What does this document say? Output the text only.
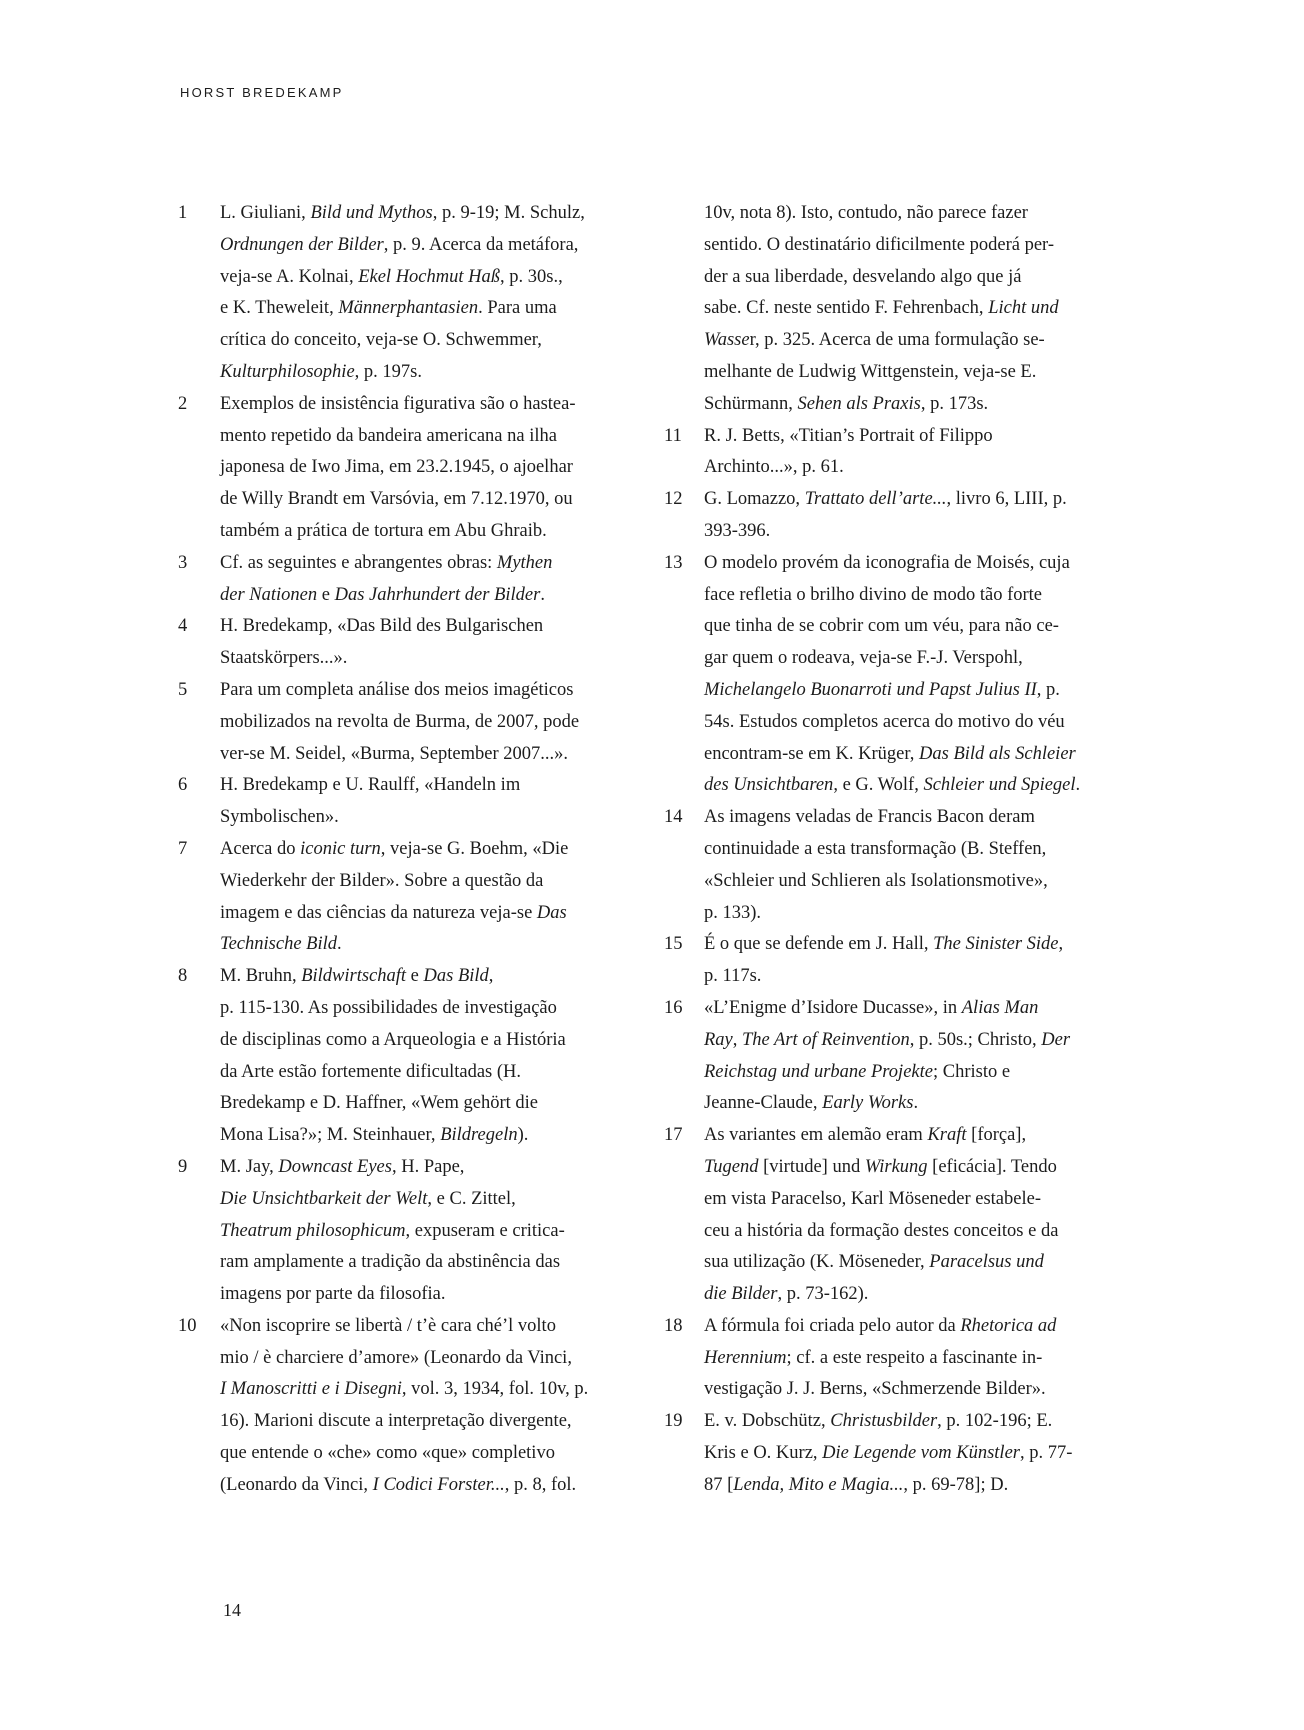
HORST BREDEKAMP
1	L. Giuliani, Bild und Mythos, p. 9-19; M. Schulz,
Ordnungen der Bilder, p. 9. Acerca da metáfora,
veja-se A. Kolnai, Ekel Hochmut Haß, p. 30s.,
e K. Theweleit, Männerphantasien. Para uma
crítica do conceito, veja-se O. Schwemmer,
Kulturphilosophie, p. 197s.
2	Exemplos de insistência figurativa são o hastea-
mento repetido da bandeira americana na ilha
japonesa de Iwo Jima, em 23.2.1945, o ajoelhar
de Willy Brandt em Varsóvia, em 7.12.1970, ou
também a prática de tortura em Abu Ghraib.
3	Cf. as seguintes e abrangentes obras: Mythen
der Nationen e Das Jahrhundert der Bilder.
4	H. Bredekamp, «Das Bild des Bulgarischen
Staatskörpers...».
5	Para um completa análise dos meios imagéticos
mobilizados na revolta de Burma, de 2007, pode
ver-se M. Seidel, «Burma, September 2007...».
6	H. Bredekamp e U. Raulff, «Handeln im
Symbolischen».
7	Acerca do iconic turn, veja-se G. Boehm, «Die
Wiederkehr der Bilder». Sobre a questão da
imagem e das ciências da natureza veja-se Das
Technische Bild.
8	M. Bruhn, Bildwirtschaft e Das Bild,
p. 115-130. As possibilidades de investigação
de disciplinas como a Arqueologia e a História
da Arte estão fortemente dificultadas (H.
Bredekamp e D. Haffner, «Wem gehört die
Mona Lisa?»; M. Steinhauer, Bildregeln).
9	M. Jay, Downcast Eyes, H. Pape,
Die Unsichtbarkeit der Welt, e C. Zittel,
Theatrum philosophicum, expuseram e critica-
ram amplamente a tradição da abstinência das
imagens por parte da filosofia.
10	«Non iscoprire se libertà / t’è cara ché’l volto
mio / è charciere d’amore» (Leonardo da Vinci,
I Manoscritti e i Disegni, vol. 3, 1934, fol. 10v, p.
16). Marioni discute a interpretação divergente,
que entende o «che» como «que» completivo
(Leonardo da Vinci, I Codici Forster..., p. 8, fol.
10v, nota 8). Isto, contudo, não parece fazer
sentido. O destinatário dificilmente poderá per-
der a sua liberdade, desvelando algo que já
sabe. Cf. neste sentido F. Fehrenbach, Licht und
Wasser, p. 325. Acerca de uma formulação se-
melhante de Ludwig Wittgenstein, veja-se E.
Schürmann, Sehen als Praxis, p. 173s.
11	R. J. Betts, «Titian’s Portrait of Filippo
Archinto...», p. 61.
12	G. Lomazzo, Trattato dell’arte..., livro 6, LIII, p.
393-396.
13	O modelo provém da iconografia de Moisés, cuja
face refletia o brilho divino de modo tão forte
que tinha de se cobrir com um véu, para não ce-
gar quem o rodeava, veja-se F.-J. Verspohl,
Michelangelo Buonarroti und Papst Julius II, p.
54s. Estudos completos acerca do motivo do véu
encontram-se em K. Krüger, Das Bild als Schleier
des Unsichtbaren, e G. Wolf, Schleier und Spiegel.
14	As imagens veladas de Francis Bacon deram
continuidade a esta transformação (B. Steffen,
«Schleier und Schlieren als Isolationsmotive»,
p. 133).
15	É o que se defende em J. Hall, The Sinister Side,
p. 117s.
16	«L’Enigme d’Isidore Ducasse», in Alias Man
Ray, The Art of Reinvention, p. 50s.; Christo, Der
Reichstag und urbane Projekte; Christo e
Jeanne-Claude, Early Works.
17	As variantes em alemão eram Kraft [força],
Tugend [virtude] und Wirkung [eficácia]. Tendo
em vista Paracelso, Karl Möseneder estabele-
ceu a história da formação destes conceitos e da
sua utilização (K. Möseneder, Paracelsus und
die Bilder, p. 73-162).
18	A fórmula foi criada pelo autor da Rhetorica ad
Herennium; cf. a este respeito a fascinante in-
vestigação J. J. Berns, «Schmerzende Bilder».
19	E. v. Dobschütz, Christusbilder, p. 102-196; E.
Kris e O. Kurz, Die Legende vom Künstler, p. 77-
87 [Lenda, Mito e Magia..., p. 69-78]; D.
14
